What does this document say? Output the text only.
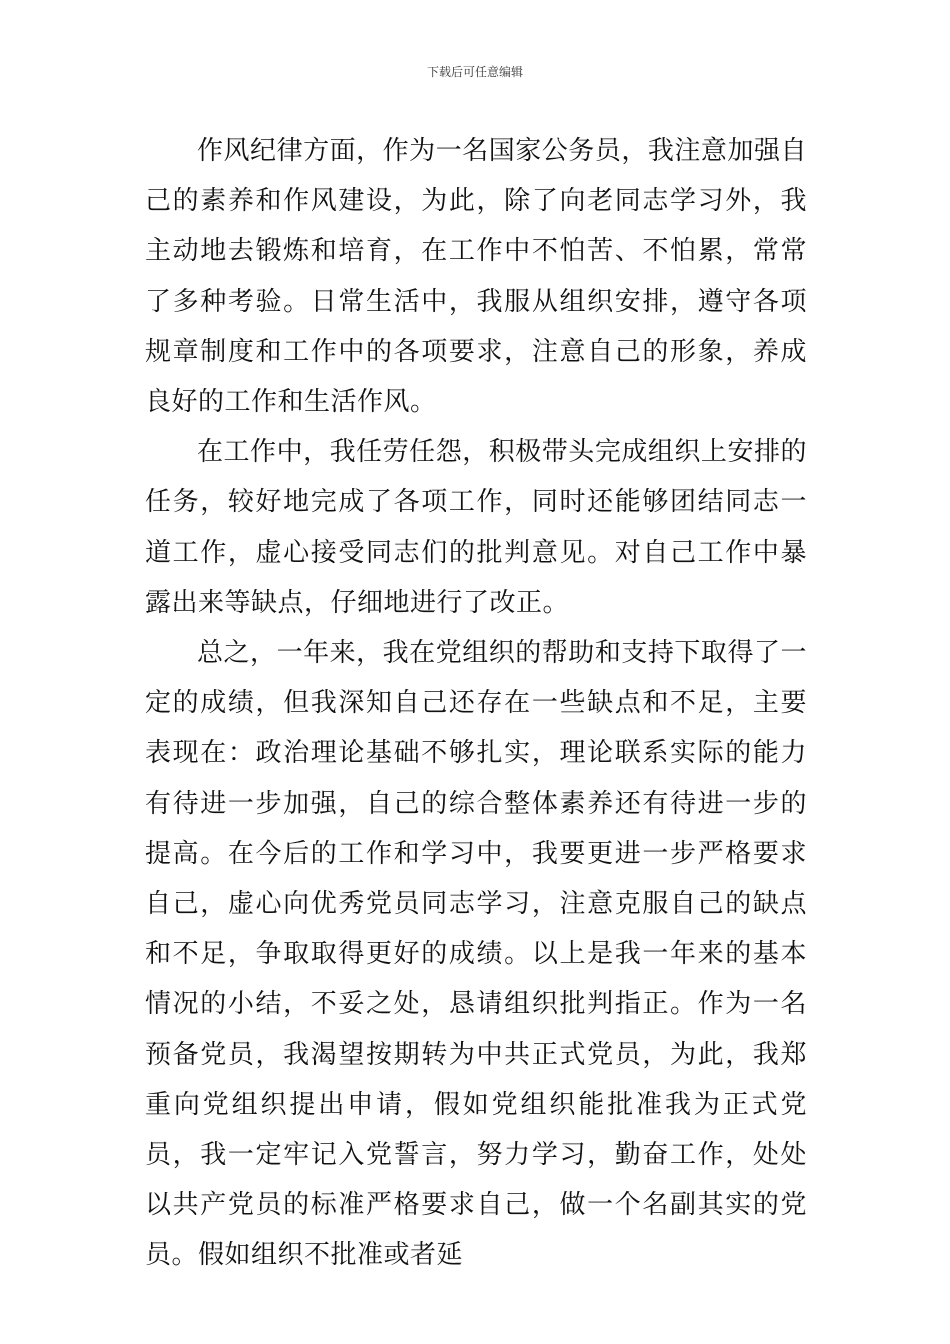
下载后可任意编辑

作风纪律方面，作为一名国家公务员，我注意加强自己的素养和作风建设，为此，除了向老同志学习外，我主动地去锻炼和培育，在工作中不怕苦、不怕累，常常了多种考验。日常生活中，我服从组织安排，遵守各项规章制度和工作中的各项要求，注意自己的形象，养成良好的工作和生活作风。

在工作中，我任劳任怨，积极带头完成组织上安排的任务，较好地完成了各项工作，同时还能够团结同志一道工作，虚心接受同志们的批判意见。对自己工作中暴露出来等缺点，仔细地进行了改正。

总之，一年来，我在党组织的帮助和支持下取得了一定的成绩，但我深知自己还存在一些缺点和不足，主要表现在：政治理论基础不够扎实，理论联系实际的能力有待进一步加强，自己的综合整体素养还有待进一步的提高。在今后的工作和学习中，我要更进一步严格要求自己，虚心向优秀党员同志学习，注意克服自己的缺点和不足，争取取得更好的成绩。以上是我一年来的基本情况的小结，不妥之处，恳请组织批判指正。作为一名预备党员，我渴望按期转为中共正式党员，为此，我郑重向党组织提出申请，假如党组织能批准我为正式党员，我一定牢记入党誓言，努力学习，勤奋工作，处处以共产党员的标准严格要求自己，做一个名副其实的党员。假如组织不批准或者延
